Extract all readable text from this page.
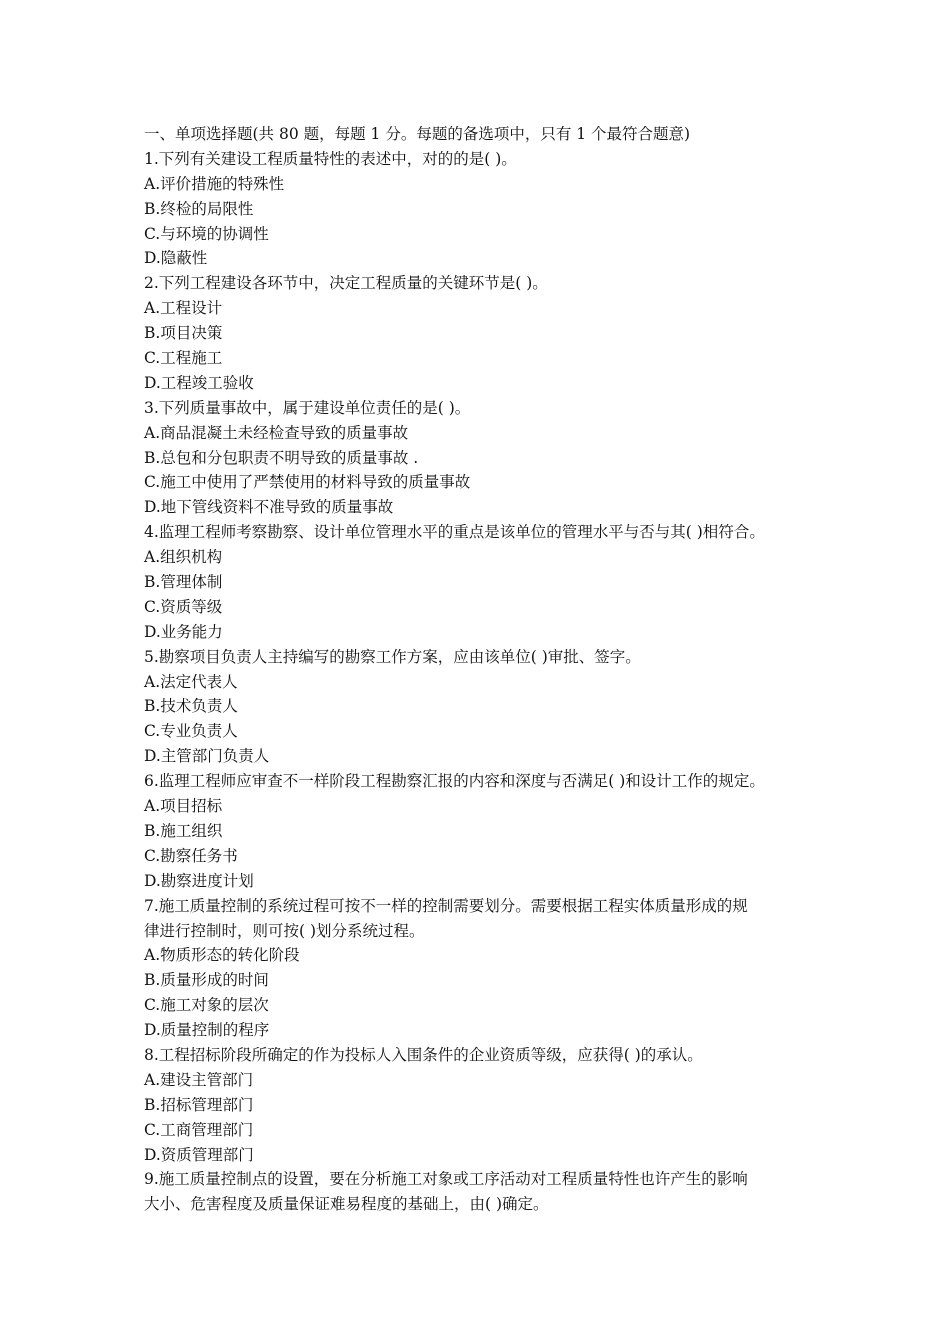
一、单项选择题(共 80 题，每题 1 分。每题的备选项中，只有 1 个最符合题意)
1.下列有关建设工程质量特性的表述中，对的的是( )。
A.评价措施的特殊性
B.终检的局限性
C.与环境的协调性
D.隐蔽性
2.下列工程建设各环节中，决定工程质量的关键环节是( )。
A.工程设计
B.项目决策
C.工程施工
D.工程竣工验收
3.下列质量事故中，属于建设单位责任的是( )。
A.商品混凝土未经检查导致的质量事故
B.总包和分包职责不明导致的质量事故 .
C.施工中使用了严禁使用的材料导致的质量事故
D.地下管线资料不准导致的质量事故
4.监理工程师考察勘察、设计单位管理水平的重点是该单位的管理水平与否与其( )相符合。
A.组织机构
B.管理体制
C.资质等级
D.业务能力
5.勘察项目负责人主持编写的勘察工作方案，应由该单位( )审批、签字。
A.法定代表人
B.技术负责人
C.专业负责人
D.主管部门负责人
6.监理工程师应审查不一样阶段工程勘察汇报的内容和深度与否满足( )和设计工作的规定。
A.项目招标
B.施工组织
C.勘察任务书
D.勘察进度计划
7.施工质量控制的系统过程可按不一样的控制需要划分。需要根据工程实体质量形成的规
律进行控制时，则可按( )划分系统过程。
A.物质形态的转化阶段
B.质量形成的时间
C.施工对象的层次
D.质量控制的程序
8.工程招标阶段所确定的作为投标人入围条件的企业资质等级，应获得( )的承认。
A.建设主管部门
B.招标管理部门
C.工商管理部门
D.资质管理部门
9.施工质量控制点的设置，要在分析施工对象或工序活动对工程质量特性也许产生的影响
大小、危害程度及质量保证难易程度的基础上，由( )确定。
